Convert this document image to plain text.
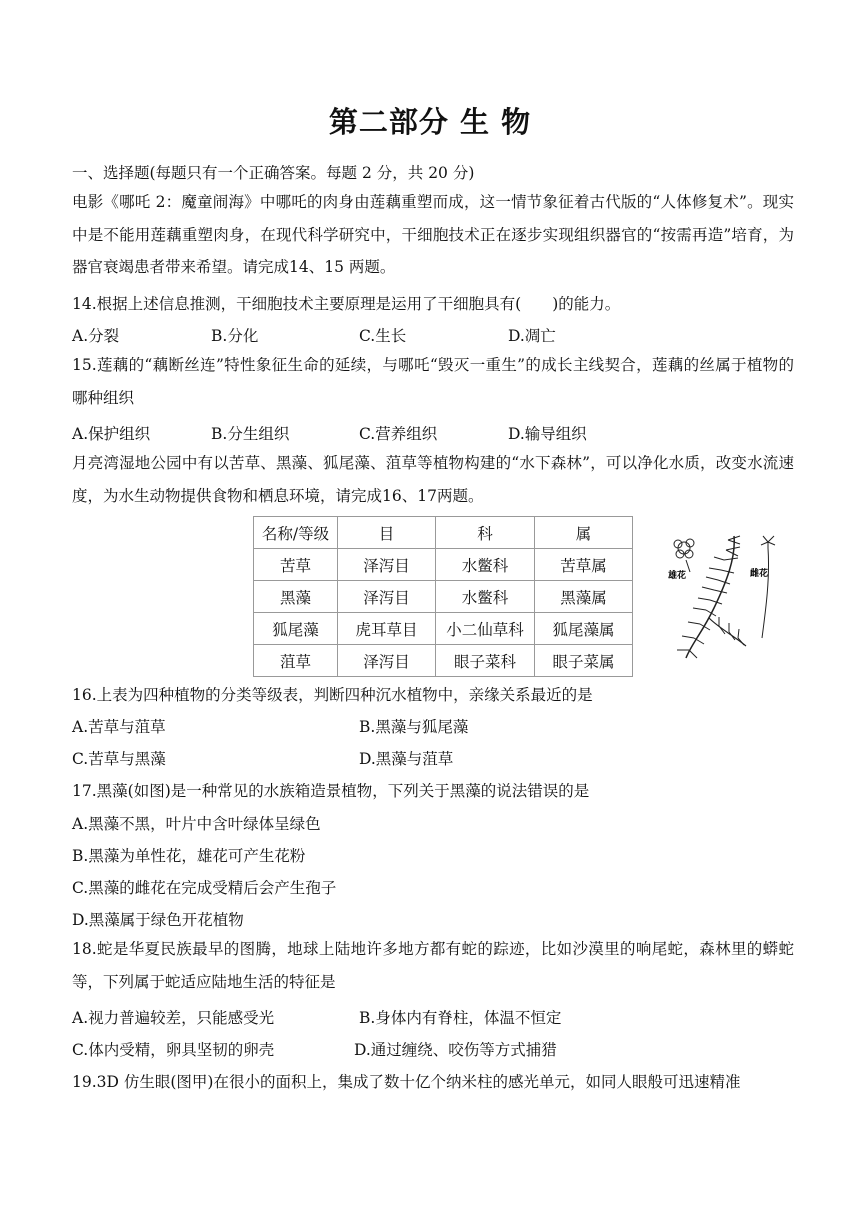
第二部分 生 物
一、选择题(每题只有一个正确答案。每题 2 分，共 20 分)
电影《哪吒 2：魔童闹海》中哪吒的肉身由莲藕重塑而成，这一情节象征着古代版的“人体修复术”。现实中是不能用莲藕重塑肉身，在现代科学研究中，干细胞技术正在逐步实现组织器官的“按需再造”培育，为器官衰竭患者带来希望。请完成14、15 两题。
14.根据上述信息推测，干细胞技术主要原理是运用了干细胞具有(　　)的能力。
A.分裂	B.分化	C.生长	D.凋亡
15.莲藕的“藕断丝连”特性象征生命的延续，与哪吒“毁灭一重生”的成长主线契合，莲藕的丝属于植物的哪种组织
A.保护组织	B.分生组织	C.营养组织	D.输导组织
月亮湾湿地公园中有以苦草、黑藻、狐尾藻、菹草等植物构建的“水下森林”，可以净化水质，改变水流速度，为水生动物提供食物和栖息环境，请完成16、17两题。
名称/等级	目	科	属
苦草	泽泻目	水鳖科	苦草属
黑藻	泽泻目	水鳖科	黑藻属
狐尾藻	虎耳草目	小二仙草科	狐尾藻属
菹草	泽泻目	眼子菜科	眼子菜属
雄花	雌花
16.上表为四种植物的分类等级表，判断四种沉水植物中，亲缘关系最近的是
A.苦草与菹草	B.黑藻与狐尾藻
C.苦草与黑藻	D.黑藻与菹草
17.黑藻(如图)是一种常见的水族箱造景植物，下列关于黑藻的说法错误的是
A.黑藻不黑，叶片中含叶绿体呈绿色
B.黑藻为单性花，雄花可产生花粉
C.黑藻的雌花在完成受精后会产生孢子
D.黑藻属于绿色开花植物
18.蛇是华夏民族最早的图腾，地球上陆地许多地方都有蛇的踪迹，比如沙漠里的响尾蛇，森林里的蟒蛇等，下列属于蛇适应陆地生活的特征是
A.视力普遍较差，只能感受光	B.身体内有脊柱，体温不恒定
C.体内受精，卵具坚韧的卵壳	D.通过缠绕、咬伤等方式捕猎
19.3D 仿生眼(图甲)在很小的面积上，集成了数十亿个纳米柱的感光单元，如同人眼般可迅速精准
